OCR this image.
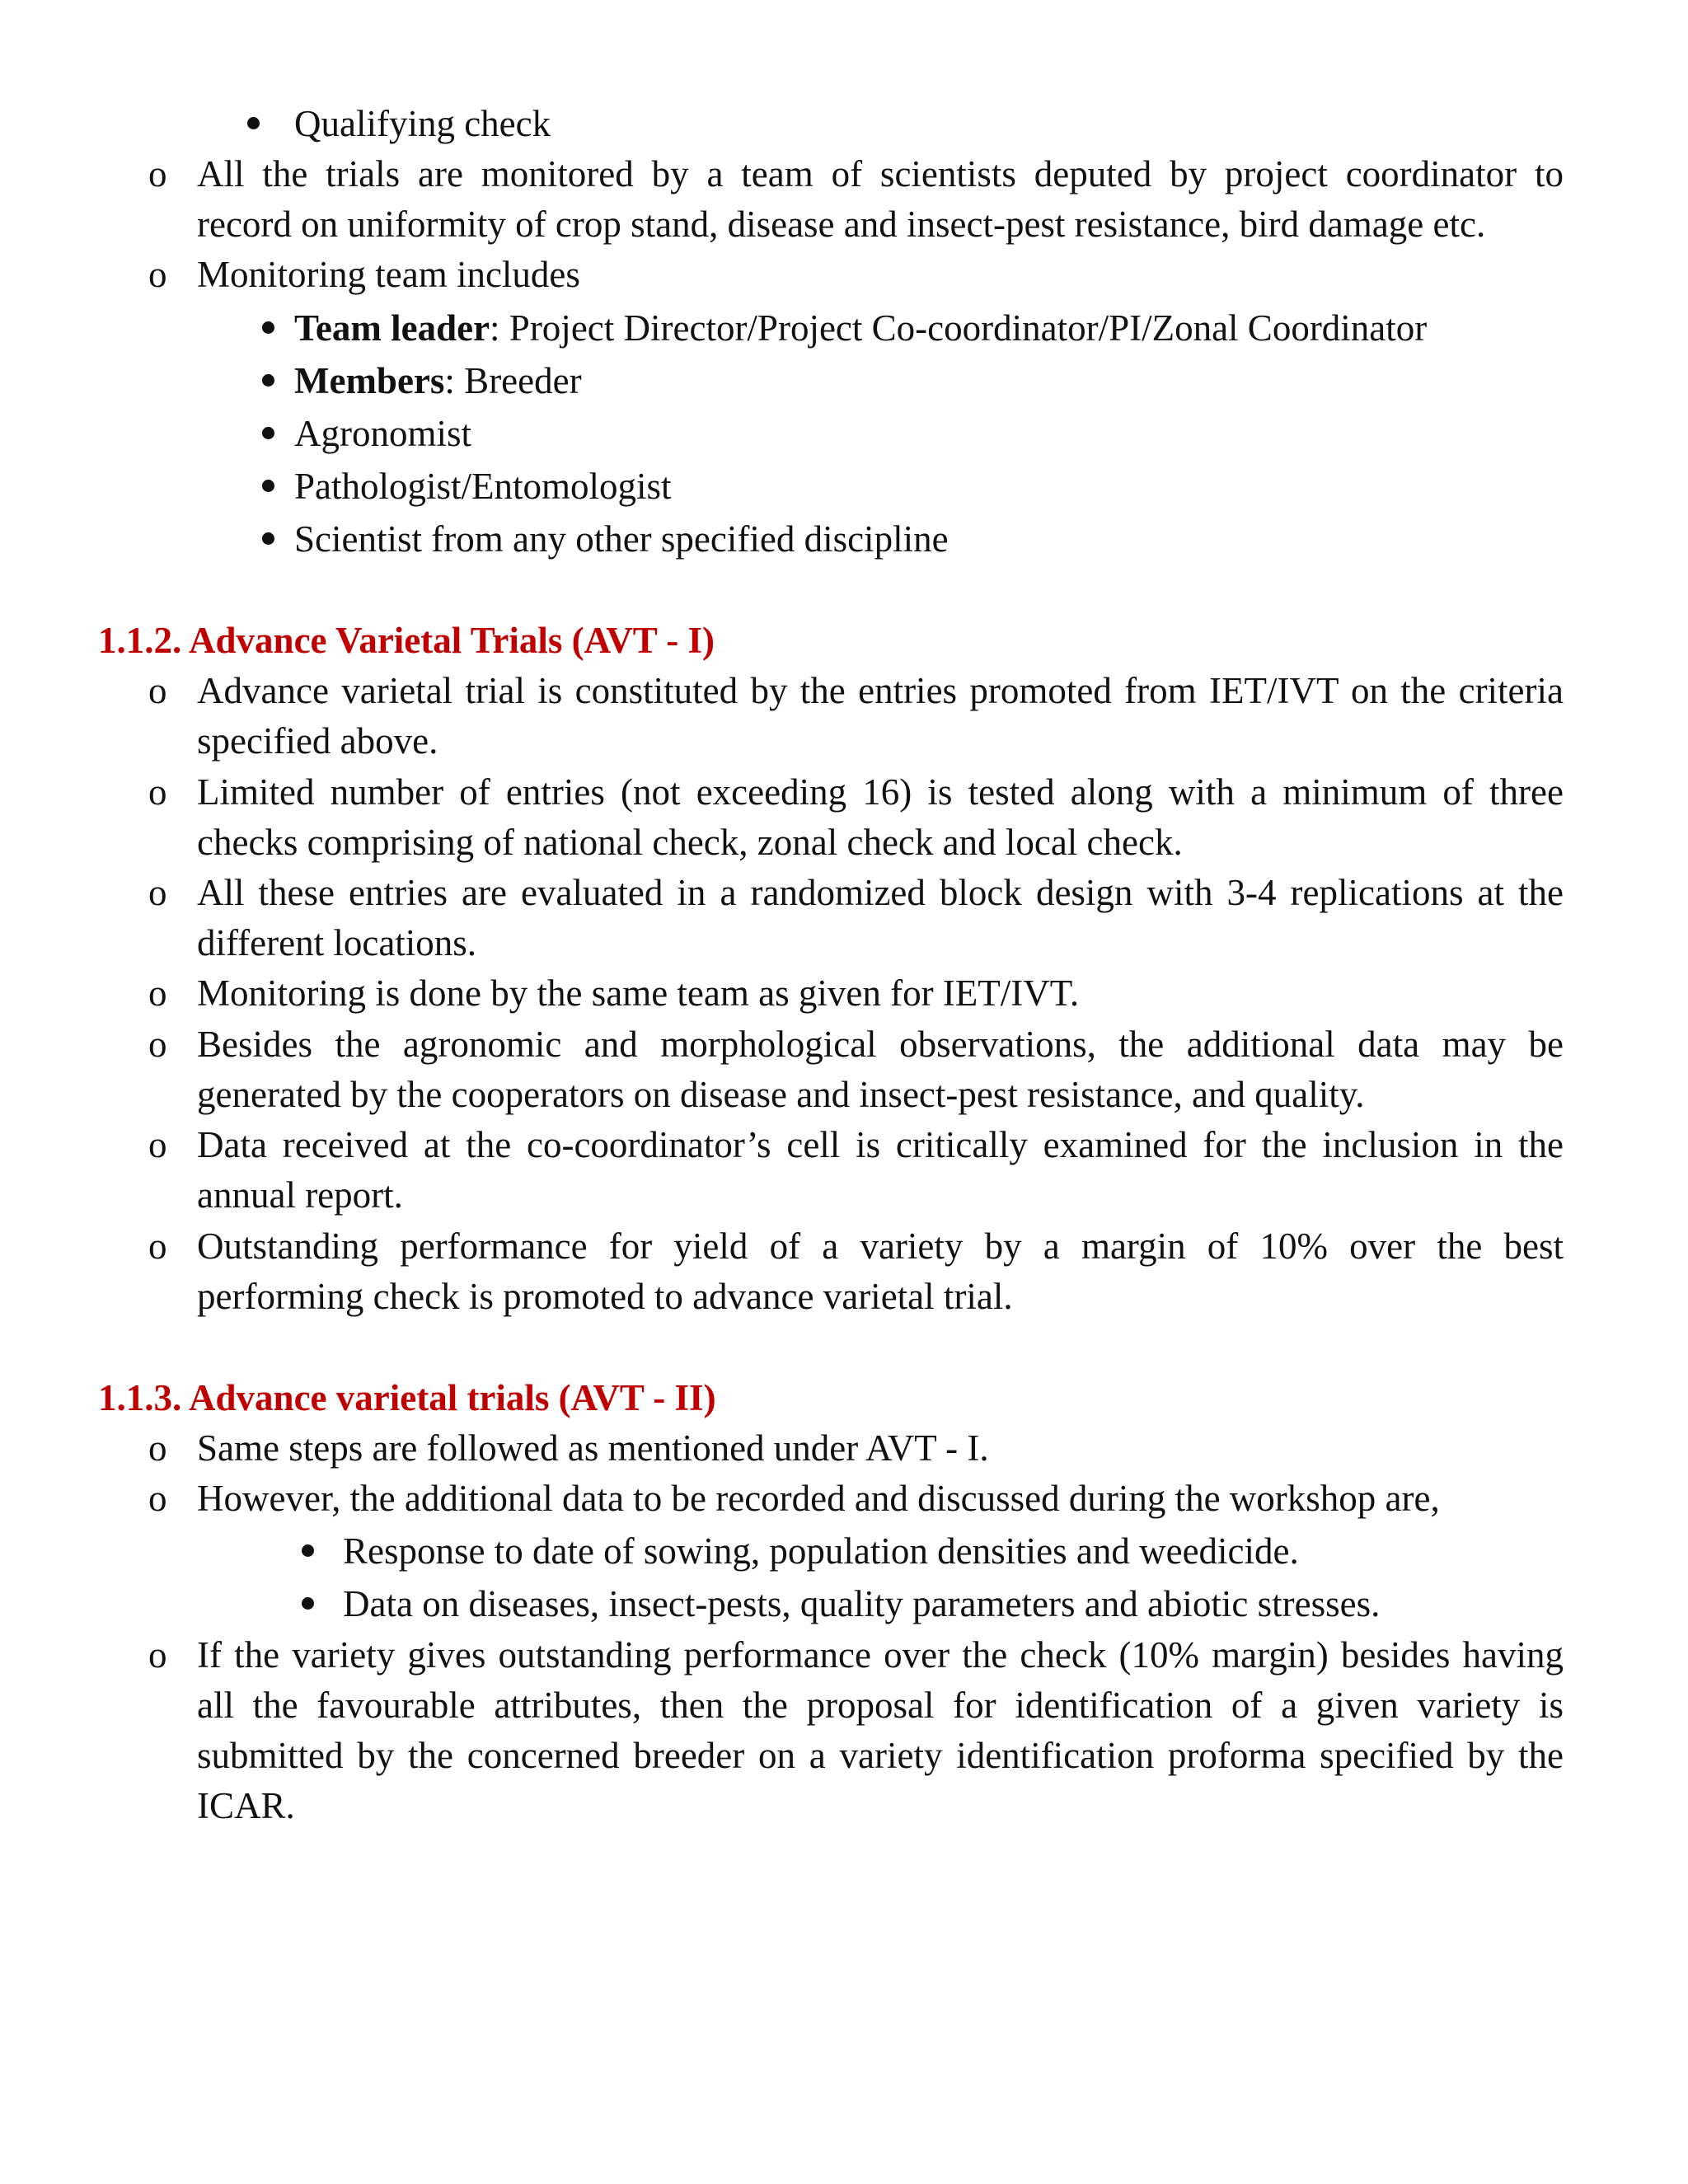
Qualifying check
o All the trials are monitored by a team of scientists deputed by project coordinator to
record on uniformity of crop stand, disease and insect-pest resistance, bird damage etc.
o Monitoring team includes
Team leader: Project Director/Project Co-coordinator/PI/Zonal Coordinator
Members: Breeder
Agronomist
Pathologist/Entomologist
Scientist from any other specified discipline
1.1.2. Advance Varietal Trials (AVT - I)
o Advance varietal trial is constituted by the entries promoted from IET/IVT on the criteria
specified above.
o Limited number of entries (not exceeding 16) is tested along with a minimum of three
checks comprising of national check, zonal check and local check.
o All these entries are evaluated in a randomized block design with 3-4 replications at the
different locations.
o Monitoring is done by the same team as given for IET/IVT.
o Besides the agronomic and morphological observations, the additional data may be
generated by the cooperators on disease and insect-pest resistance, and quality.
o Data received at the co-coordinator’s cell is critically examined for the inclusion in the
annual report.
o Outstanding performance for yield of a variety by a margin of 10% over the best
performing check is promoted to advance varietal trial.
1.1.3. Advance varietal trials (AVT - II)
o Same steps are followed as mentioned under AVT - I.
o However, the additional data to be recorded and discussed during the workshop are,
Response to date of sowing, population densities and weedicide.
Data on diseases, insect-pests, quality parameters and abiotic stresses.
o If the variety gives outstanding performance over the check (10% margin) besides having
all the favourable attributes, then the proposal for identification of a given variety is
submitted by the concerned breeder on a variety identification proforma specified by the
ICAR.
